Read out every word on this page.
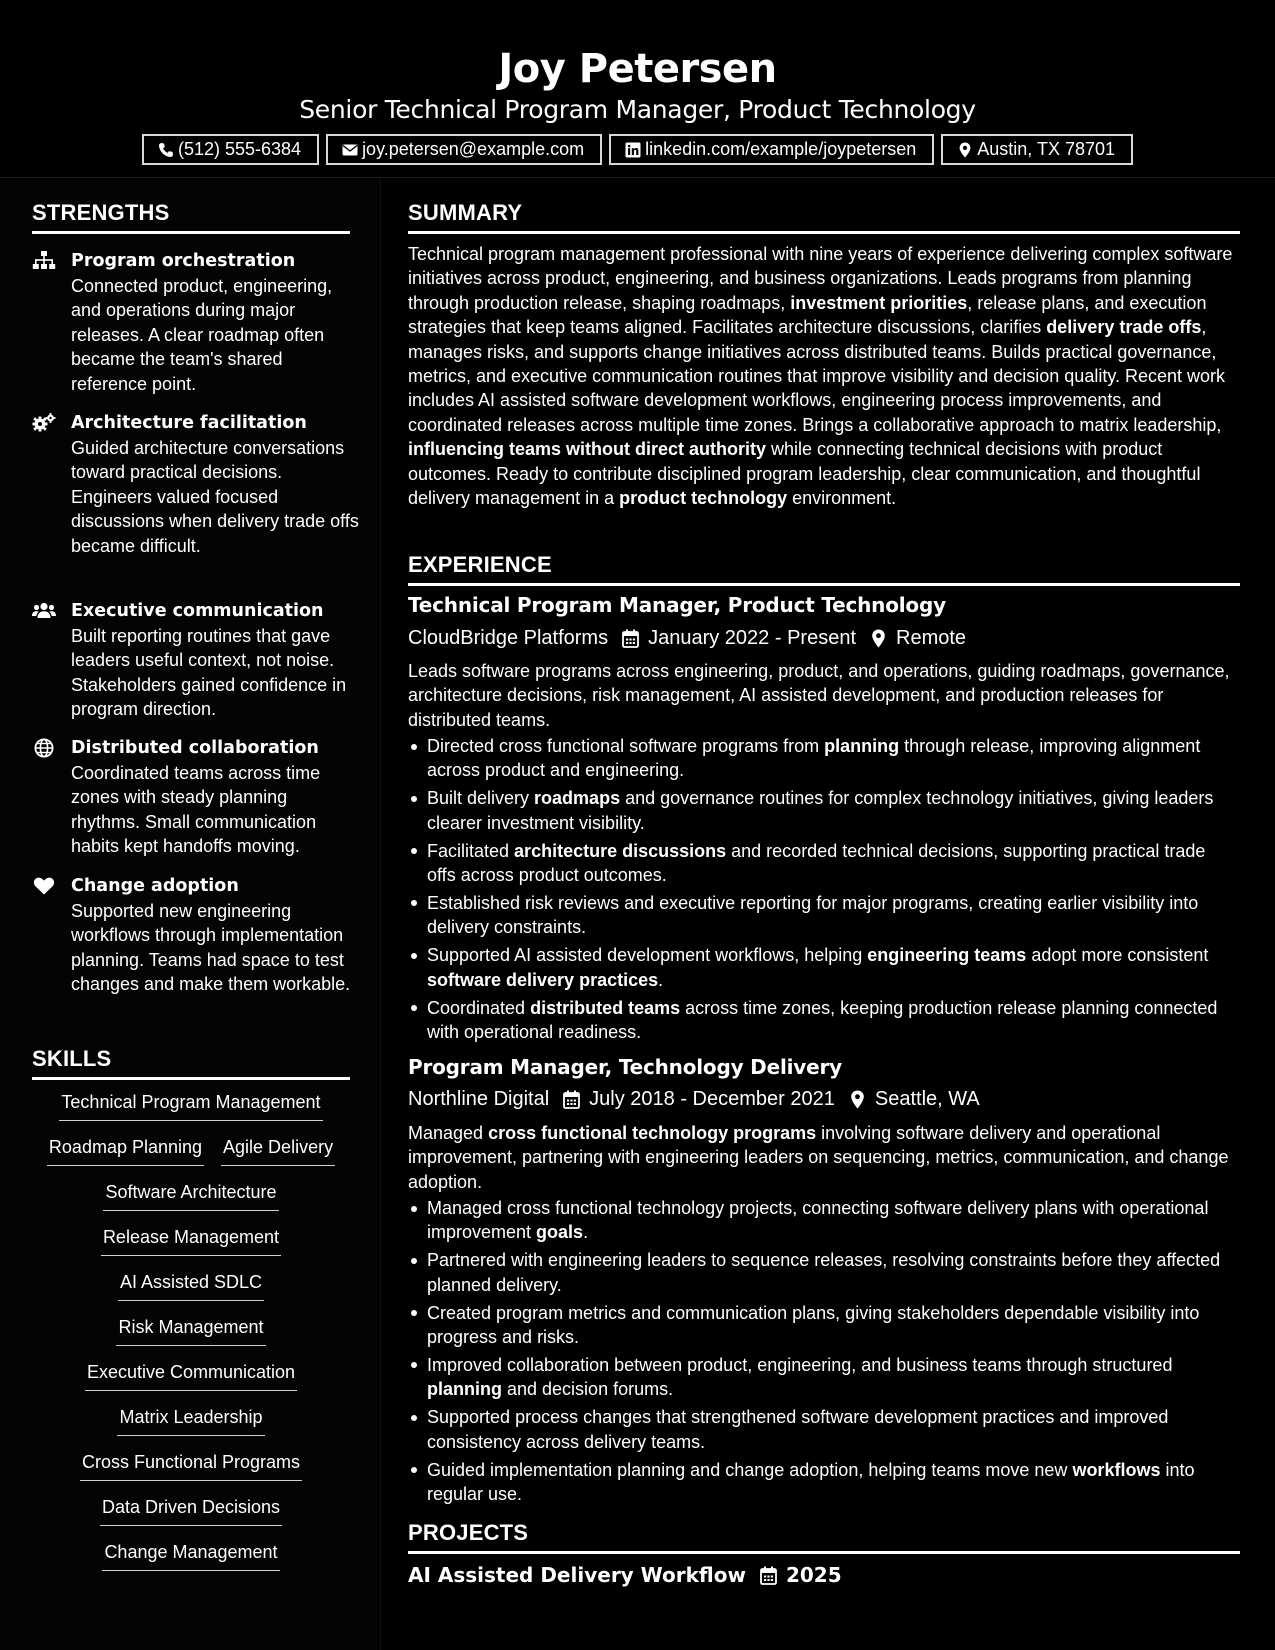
Joy Petersen
Senior Technical Program Manager, Product Technology
(512) 555-6384	joy.petersen@example.com	linkedin.com/example/joypetersen	Austin, TX 78701
STRENGTHS
Program orchestration
Connected product, engineering, and operations during major releases. A clear roadmap often became the team's shared reference point.
Architecture facilitation
Guided architecture conversations toward practical decisions. Engineers valued focused discussions when delivery trade offs became difficult.
Executive communication
Built reporting routines that gave leaders useful context, not noise. Stakeholders gained confidence in program direction.
Distributed collaboration
Coordinated teams across time zones with steady planning rhythms. Small communication habits kept handoffs moving.
Change adoption
Supported new engineering workflows through implementation planning. Teams had space to test changes and make them workable.
SKILLS
Technical Program Management
Roadmap Planning Agile Delivery
Software Architecture
Release Management
AI Assisted SDLC
Risk Management
Executive Communication
Matrix Leadership
Cross Functional Programs
Data Driven Decisions
Change Management
SUMMARY
Technical program management professional with nine years of experience delivering complex software initiatives across product, engineering, and business organizations. Leads programs from planning through production release, shaping roadmaps, investment priorities, release plans, and execution strategies that keep teams aligned. Facilitates architecture discussions, clarifies delivery trade offs, manages risks, and supports change initiatives across distributed teams. Builds practical governance, metrics, and executive communication routines that improve visibility and decision quality. Recent work includes AI assisted software development workflows, engineering process improvements, and coordinated releases across multiple time zones. Brings a collaborative approach to matrix leadership, influencing teams without direct authority while connecting technical decisions with product outcomes. Ready to contribute disciplined program leadership, clear communication, and thoughtful delivery management in a product technology environment.
EXPERIENCE
Technical Program Manager, Product Technology
CloudBridge Platforms January 2022 - Present Remote
Leads software programs across engineering, product, and operations, guiding roadmaps, governance, architecture decisions, risk management, AI assisted development, and production releases for distributed teams.
Directed cross functional software programs from planning through release, improving alignment across product and engineering.
Built delivery roadmaps and governance routines for complex technology initiatives, giving leaders clearer investment visibility.
Facilitated architecture discussions and recorded technical decisions, supporting practical trade offs across product outcomes.
Established risk reviews and executive reporting for major programs, creating earlier visibility into delivery constraints.
Supported AI assisted development workflows, helping engineering teams adopt more consistent software delivery practices.
Coordinated distributed teams across time zones, keeping production release planning connected with operational readiness.
Program Manager, Technology Delivery
Northline Digital July 2018 - December 2021 Seattle, WA
Managed cross functional technology programs involving software delivery and operational improvement, partnering with engineering leaders on sequencing, metrics, communication, and change adoption.
Managed cross functional technology projects, connecting software delivery plans with operational improvement goals.
Partnered with engineering leaders to sequence releases, resolving constraints before they affected planned delivery.
Created program metrics and communication plans, giving stakeholders dependable visibility into progress and risks.
Improved collaboration between product, engineering, and business teams through structured planning and decision forums.
Supported process changes that strengthened software development practices and improved consistency across delivery teams.
Guided implementation planning and change adoption, helping teams move new workflows into regular use.
PROJECTS
AI Assisted Delivery Workflow 2025
